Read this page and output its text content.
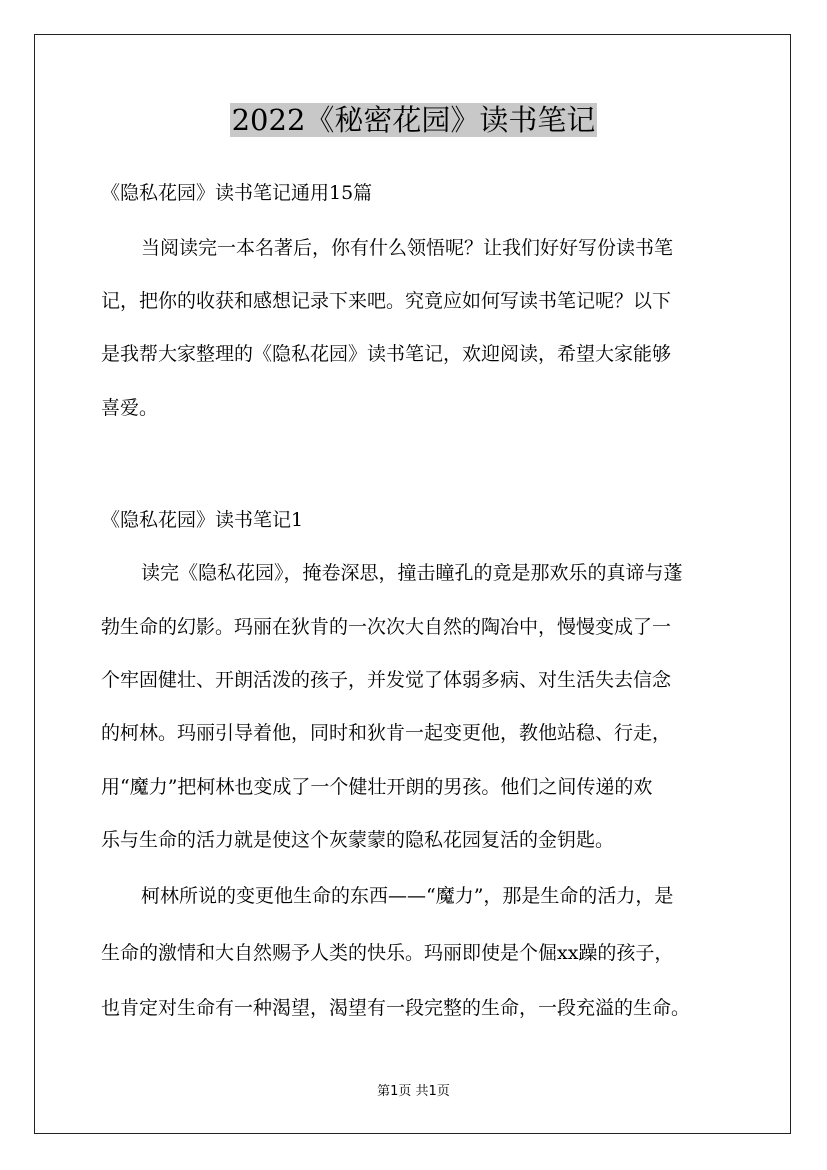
2022《秘密花园》读书笔记
《隐私花园》读书笔记通用15篇
当阅读完一本名著后，你有什么领悟呢？让我们好好写份读书笔
记，把你的收获和感想记录下来吧。究竟应如何写读书笔记呢？以下
是我帮大家整理的《隐私花园》读书笔记，欢迎阅读，希望大家能够
喜爱。
《隐私花园》读书笔记1
读完《隐私花园》，掩卷深思，撞击瞳孔的竟是那欢乐的真谛与蓬
勃生命的幻影。玛丽在狄肯的一次次大自然的陶冶中，慢慢变成了一
个牢固健壮、开朗活泼的孩子，并发觉了体弱多病、对生活失去信念
的柯林。玛丽引导着他，同时和狄肯一起变更他，教他站稳、行走，
用“魔力”把柯林也变成了一个健壮开朗的男孩。他们之间传递的欢
乐与生命的活力就是使这个灰蒙蒙的隐私花园复活的金钥匙。
柯林所说的变更他生命的东西——“魔力”，那是生命的活力，是
生命的激情和大自然赐予人类的快乐。玛丽即使是个倔xx躁的孩子，
也肯定对生命有一种渴望，渴望有一段完整的生命，一段充溢的生命。
第1页 共1页
